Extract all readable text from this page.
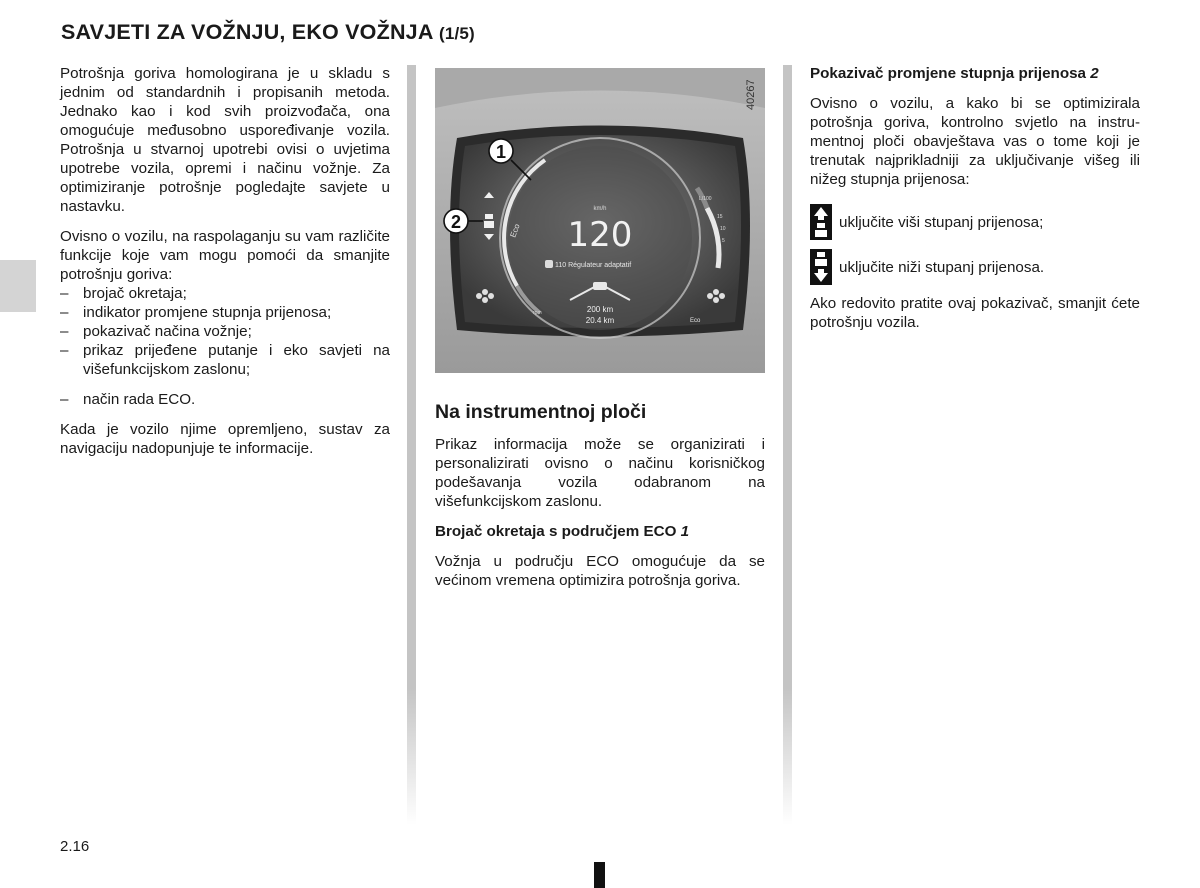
SAVJETI ZA VOŽNJU, EKO VOŽNJA (1/5)

Potrošnja goriva homologirana je u skladu s jednim od standardnih i propisanih metoda. Jednako kao i kod svih proizvođača, ona omogućuje međusobno uspoređivanje vozila. Potrošnja u stvarnoj upotrebi ovisi o uvjetima upotrebe vozila, opremi i načinu vožnje. Za optimiziranje potrošnje pogledajte savjete u nastavku.

Ovisno o vozilu, na raspolaganju su vam različite funkcije koje vam mogu pomoći da smanjite potrošnju goriva:

– brojač okretaja;
– indikator promjene stupnja prijenosa;
– pokazivač načina vožnje;
– prikaz prijeđene putanje i eko savjeti na višefunkcijskom zaslonu;
– način rada ECO.

Kada je vozilo njime opremljeno, sustav za navigaciju nadopunjuje te informacije.

Eco
km/h
120
110 Régulateur adaptatif
200 km
20.4 km
rpm
Eco
L/100
15
10
5
1
2
40267
Na instrumentnoj ploči

Prikaz informacija može se organizirati i personalizirati ovisno o načinu korisničkog podešavanja vozila odabranom na višefunkcijskom zaslonu.

Brojač okretaja s područjem ECO 1

Vožnja u području ECO omogućuje da se većinom vremena optimizira potrošnja goriva.

Pokazivač promjene stupnja prijenosa 2

Ovisno o vozilu, a kako bi se optimizirala potrošnja goriva, kontrolno svjetlo na instrumentnoj ploči obavještava vas o tome koji je trenutak najprikladniji za uključivanje višeg ili nižeg stupnja prijenosa:

uključite viši stupanj prijenosa;
uključite niži stupanj prijenosa.

Ako redovito pratite ovaj pokazivač, smanjit ćete potrošnju vozila.

2.16
